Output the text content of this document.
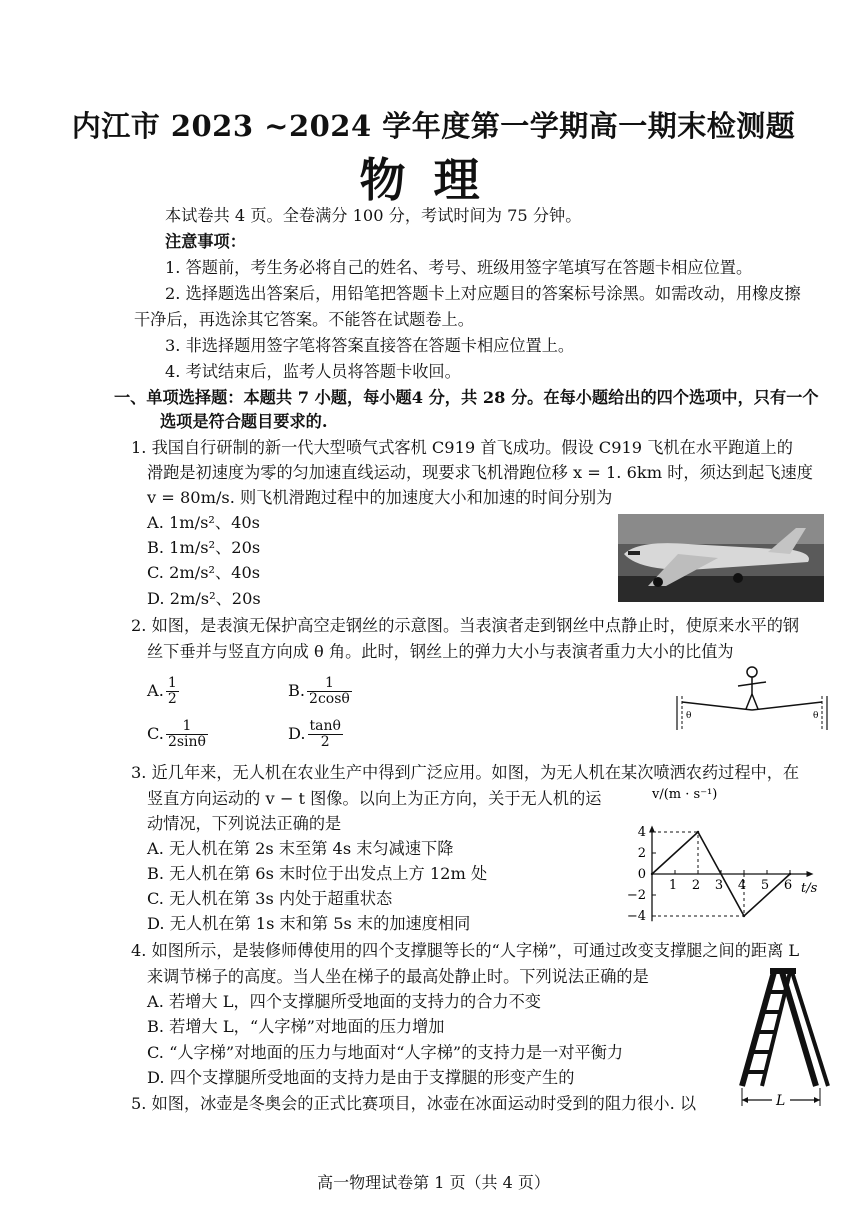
内江市 2023 ~2024 学年度第一学期高一期末检测题
物理
本试卷共 4 页。全卷满分 100 分，考试时间为 75 分钟。
注意事项：
1. 答题前，考生务必将自己的姓名、考号、班级用签字笔填写在答题卡相应位置。
2. 选择题选出答案后，用铅笔把答题卡上对应题目的答案标号涂黑。如需改动，用橡皮擦
干净后，再选涂其它答案。不能答在试题卷上。
3. 非选择题用签字笔将答案直接答在答题卡相应位置上。
4. 考试结束后，监考人员将答题卡收回。
一、单项选择题：本题共 7 小题，每小题4 分，共 28 分。在每小题给出的四个选项中，只有一个
选项是符合题目要求的.
1. 我国自行研制的新一代大型喷气式客机 C919 首飞成功。假设 C919 飞机在水平跑道上的
滑跑是初速度为零的匀加速直线运动，现要求飞机滑跑位移 x = 1. 6km 时，须达到起飞速度
v = 80m/s. 则飞机滑跑过程中的加速度大小和加速的时间分别为
A. 1m/s²、40s
B. 1m/s²、20s
C. 2m/s²、40s
D. 2m/s²、20s
2. 如图，是表演无保护高空走钢丝的示意图。当表演者走到钢丝中点静止时，使原来水平的钢
丝下垂并与竖直方向成 θ 角。此时，钢丝上的弹力大小与表演者重力大小的比值为
A. $\frac{1}{2}$	B. $\frac{1}{2\cos\theta}$
C. $\frac{1}{2\sin\theta}$	D. $\frac{\tan\theta}{2}$
θ	θ
3. 近几年来，无人机在农业生产中得到广泛应用。如图，为无人机在某次喷洒农药过程中，在
竖直方向运动的 v − t 图像。以向上为正方向，关于无人机的运
动情况，下列说法正确的是
A. 无人机在第 2s 末至第 4s 末匀减速下降
B. 无人机在第 6s 末时位于出发点上方 12m 处
C. 无人机在第 3s 内处于超重状态
D. 无人机在第 1s 末和第 5s 末的加速度相同
v/(m · s⁻¹)
t/s
4
2
0
−2
−4
1 2 3 4 5 6
4. 如图所示，是装修师傅使用的四个支撑腿等长的“人字梯”，可通过改变支撑腿之间的距离 L
来调节梯子的高度。当人坐在梯子的最高处静止时。下列说法正确的是
A. 若增大 L，四个支撑腿所受地面的支持力的合力不变
B. 若增大 L，“人字梯”对地面的压力增加
C. “人字梯”对地面的压力与地面对“人字梯”的支持力是一对平衡力
D. 四个支撑腿所受地面的支持力是由于支撑腿的形变产生的
L
5. 如图，冰壶是冬奥会的正式比赛项目，冰壶在冰面运动时受到的阻力很小. 以
高一物理试卷第 1 页（共 4 页）
